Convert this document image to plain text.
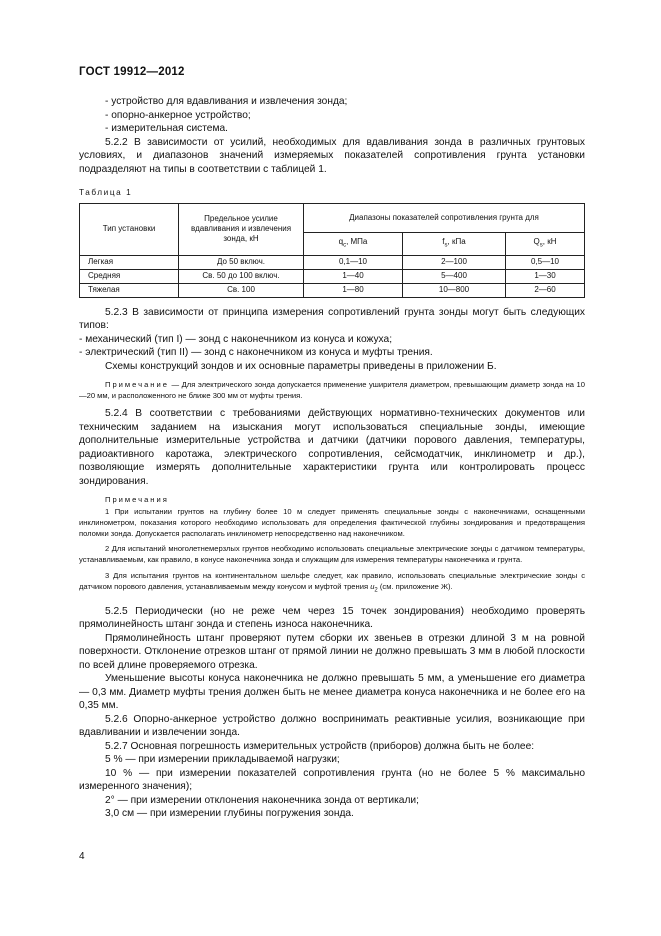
ГОСТ 19912—2012

- устройство для вдавливания и извлечения зонда;

- опорно-анкерное устройство;

- измерительная система.

5.2.2 В зависимости от усилий, необходимых для вдавливания зонда в различных грунтовых условиях, и диапазонов значений измеряемых показателей сопротивления грунта установки подразделяют на типы в соответствии с таблицей 1.

Таблица 1
Тип установки	Предельное усилие вдавливания и извлечения зонда, кН	Диапазоны показателей сопротивления грунта для		
		$q_c$, МПа	$f_s$, кПа	$Q_s$, кН
Легкая	До 50 включ.	0,1—10	2—100	0,5—10
Средняя	Св. 50 до 100 включ.	1—40	5—400	1—30
Тяжелая	Св. 100	1—80	10—800	2—60

5.2.3 В зависимости от принципа измерения сопротивлений грунта зонды могут быть следующих типов:

- механический (тип I) — зонд с наконечником из конуса и кожуха;

- электрический (тип II) — зонд с наконечником из конуса и муфты трения.

Схемы конструкций зондов и их основные параметры приведены в приложении Б.

Примечание — Для электрического зонда допускается применение уширителя диаметром, превышающим диаметр зонда на 10—20 мм, и расположенного не ближе 300 мм от муфты трения.

5.2.4 В соответствии с требованиями действующих нормативно-технических документов или техническим заданием на изыскания могут использоваться специальные зонды, имеющие дополнительные измерительные устройства и датчики (датчики порового давления, температуры, радиоактивного каротажа, электрического сопротивления, сейсмодатчик, инклинометр и др.), позволяющие измерять дополнительные характеристики грунта или контролировать процесс зондирования.

Примечания

1 При испытании грунтов на глубину более 10 м следует применять специальные зонды с наконечниками, оснащенными инклинометром, показания которого необходимо использовать для определения фактической глубины зондирования и предотвращения поломки зонда. Допускается располагать инклинометр непосредственно над наконечником.

2 Для испытаний многолетнемерзлых грунтов необходимо использовать специальные электрические зонды с датчиком температуры, устанавливаемым, как правило, в конусе наконечника зонда и служащим для измерения температуры наконечника и грунта.

3 Для испытания грунтов на континентальном шельфе следует, как правило, использовать специальные электрические зонды с датчиком порового давления, устанавливаемым между конусом и муфтой трения $u_2$ (см. приложение Ж).

5.2.5 Периодически (но не реже чем через 15 точек зондирования) необходимо проверять прямолинейность штанг зонда и степень износа наконечника.

Прямолинейность штанг проверяют путем сборки их звеньев в отрезки длиной 3 м на ровной поверхности. Отклонение отрезков штанг от прямой линии не должно превышать 3 мм в любой плоскости по всей длине проверяемого отрезка.

Уменьшение высоты конуса наконечника не должно превышать 5 мм, а уменьшение его диаметра — 0,3 мм. Диаметр муфты трения должен быть не менее диаметра конуса наконечника и не более его на 0,35 мм.

5.2.6 Опорно-анкерное устройство должно воспринимать реактивные усилия, возникающие при вдавливании и извлечении зонда.

5.2.7 Основная погрешность измерительных устройств (приборов) должна быть не более:

5 % — при измерении прикладываемой нагрузки;

10 % — при измерении показателей сопротивления грунта (но не более 5 % максимально измеренного значения);

2° — при измерении отклонения наконечника зонда от вертикали;

3,0 см — при измерении глубины погружения зонда.

4
